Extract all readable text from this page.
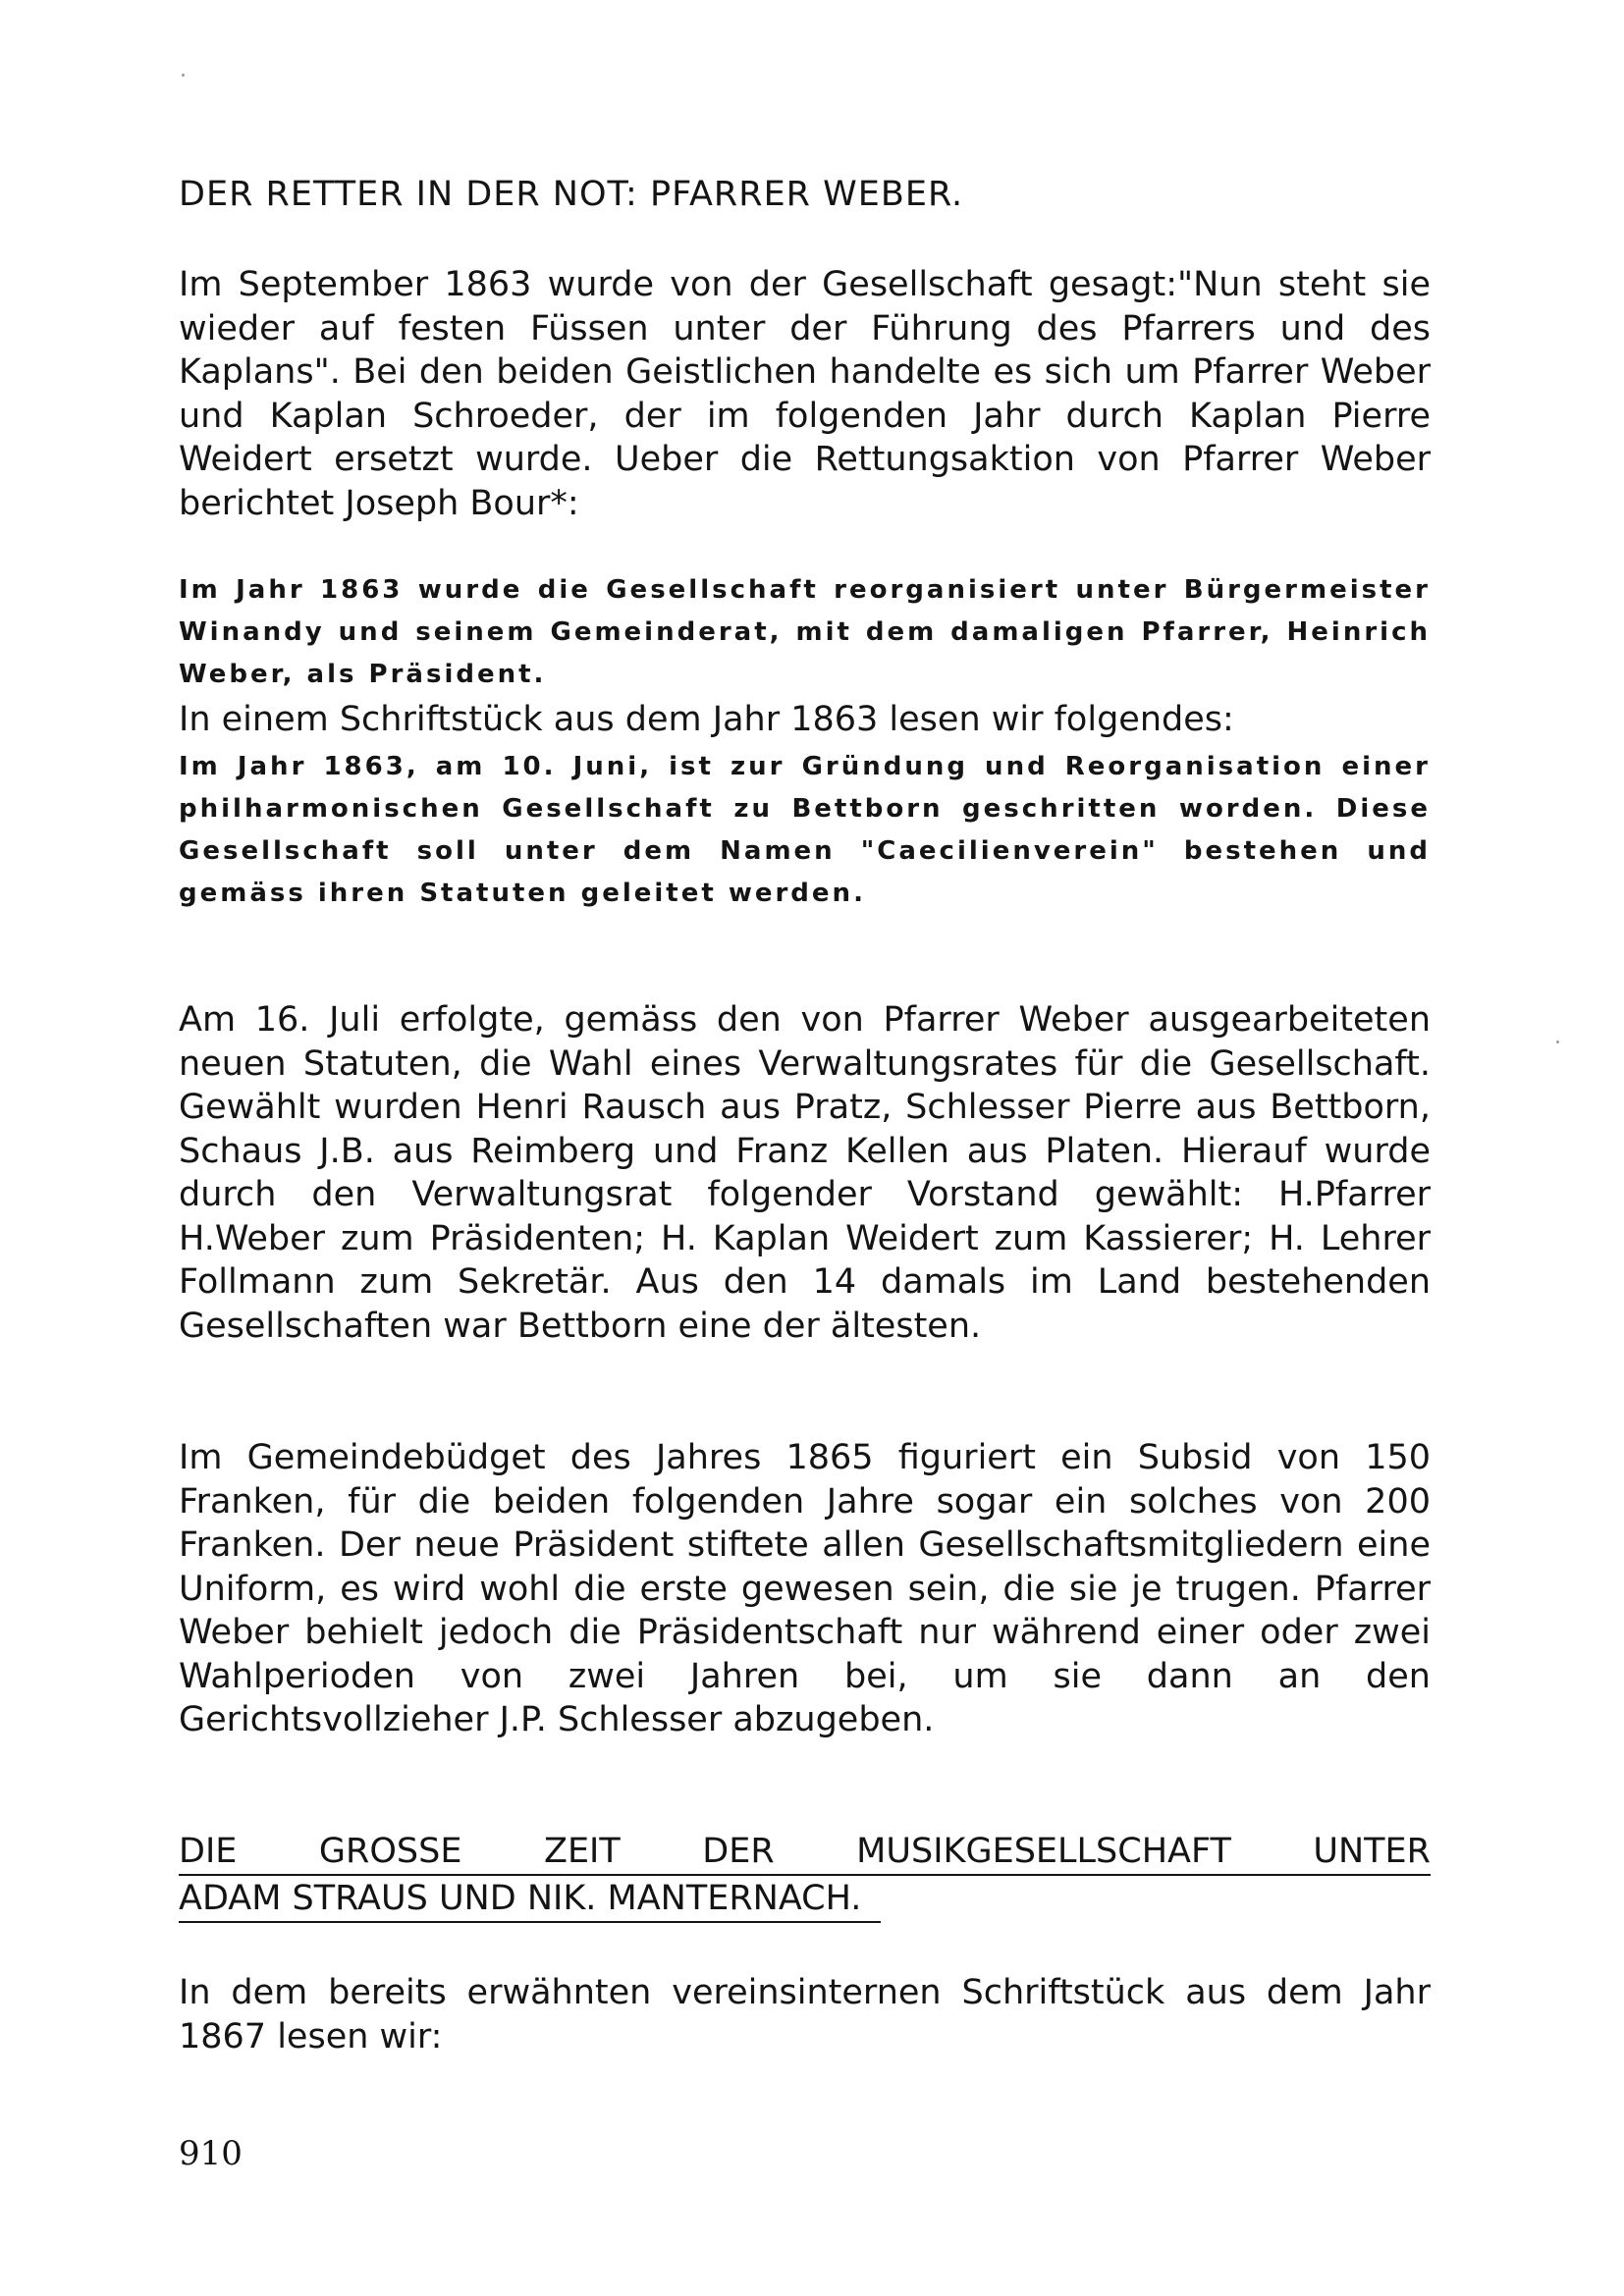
DER RETTER IN DER NOT: PFARRER WEBER.

Im September 1863 wurde von der Gesellschaft gesagt:"Nun steht sie wieder auf festen Füssen unter der Führung des Pfarrers und des Kaplans". Bei den beiden Geistlichen handelte es sich um Pfarrer Weber und Kaplan Schroeder, der im folgenden Jahr durch Kaplan Pierre Weidert ersetzt wurde. Ueber die Rettungsaktion von Pfarrer Weber berichtet Joseph Bour*:

Im Jahr 1863 wurde die Gesellschaft reorganisiert unter Bürgermeister Winandy und seinem Gemeinderat, mit dem damaligen Pfarrer, Heinrich Weber, als Präsident.

In einem Schriftstück aus dem Jahr 1863 lesen wir folgendes:

Im Jahr 1863, am 10. Juni, ist zur Gründung und Reorganisation einer philharmonischen Gesellschaft zu Bettborn geschritten worden. Diese Gesellschaft soll unter dem Namen "Caecilienverein" bestehen und gemäss ihren Statuten geleitet werden.

Am 16. Juli erfolgte, gemäss den von Pfarrer Weber ausgearbeiteten neuen Statuten, die Wahl eines Verwaltungsrates für die Gesellschaft. Gewählt wurden Henri Rausch aus Pratz, Schlesser Pierre aus Bettborn, Schaus J.B. aus Reimberg und Franz Kellen aus Platen. Hierauf wurde durch den Verwaltungsrat folgender Vorstand gewählt: H.Pfarrer H.Weber zum Präsidenten; H. Kaplan Weidert zum Kassierer; H. Lehrer Follmann zum Sekretär. Aus den 14 damals im Land bestehenden Gesellschaften war Bettborn eine der ältesten.

Im Gemeindebüdget des Jahres 1865 figuriert ein Subsid von 150 Franken, für die beiden folgenden Jahre sogar ein solches von 200 Franken. Der neue Präsident stiftete allen Gesellschaftsmitgliedern eine Uniform, es wird wohl die erste gewesen sein, die sie je trugen. Pfarrer Weber behielt jedoch die Präsidentschaft nur während einer oder zwei Wahlperioden von zwei Jahren bei, um sie dann an den Gerichtsvollzieher J.P. Schlesser abzugeben.

DIE GROSSE ZEIT DER MUSIKGESELLSCHAFT UNTER
ADAM STRAUS UND NIK. MANTERNACH.

In dem bereits erwähnten vereinsinternen Schriftstück aus dem Jahr 1867 lesen wir:

910
